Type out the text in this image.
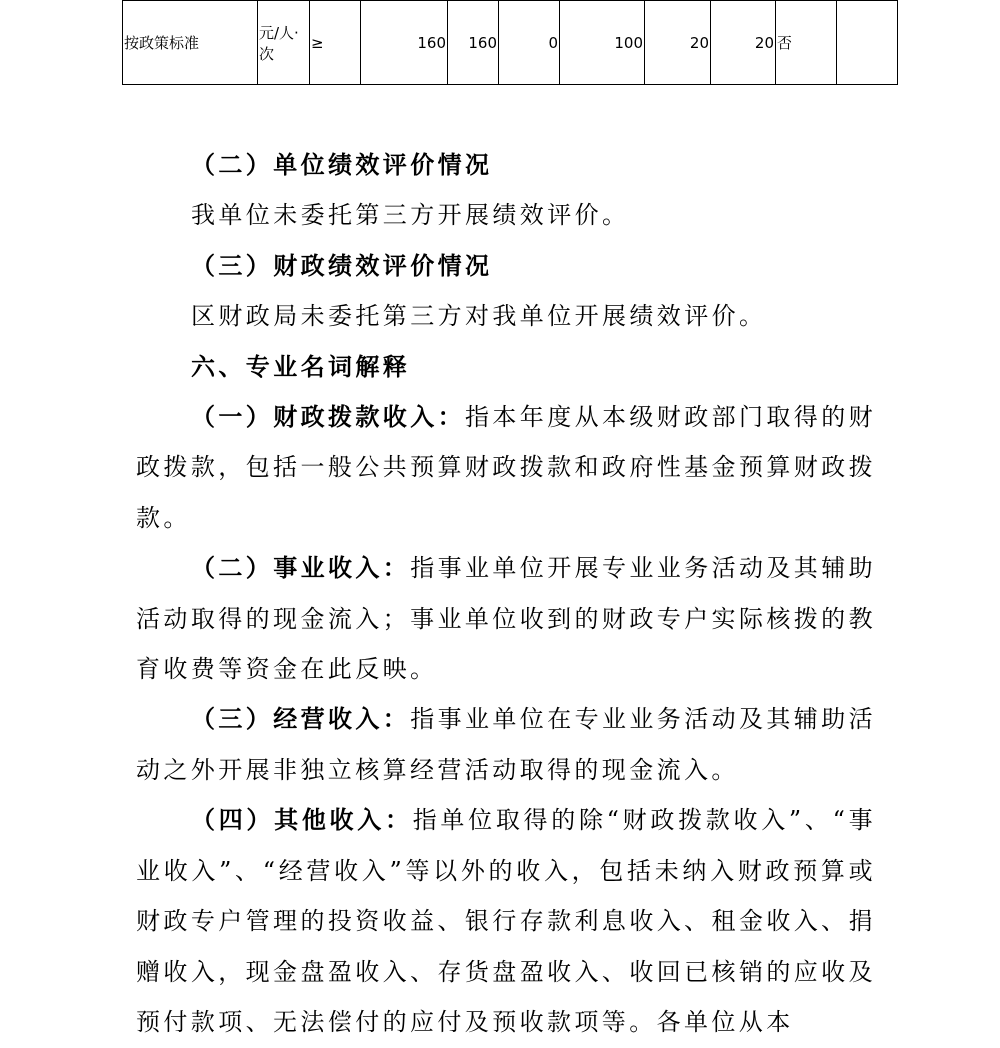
按政策标准	元/人·次	≥	160	160	0	100	20	20	否	

（二）单位绩效评价情况

我单位未委托第三方开展绩效评价。

（三）财政绩效评价情况

区财政局未委托第三方对我单位开展绩效评价。

六、专业名词解释

（一）财政拨款收入：指本年度从本级财政部门取得的财政拨款，包括一般公共预算财政拨款和政府性基金预算财政拨款。

（二）事业收入：指事业单位开展专业业务活动及其辅助活动取得的现金流入；事业单位收到的财政专户实际核拨的教育收费等资金在此反映。

（三）经营收入：指事业单位在专业业务活动及其辅助活动之外开展非独立核算经营活动取得的现金流入。

（四）其他收入：指单位取得的除“财政拨款收入”、“事业收入”、“经营收入”等以外的收入，包括未纳入财政预算或财政专户管理的投资收益、银行存款利息收入、租金收入、捐赠收入，现金盘盈收入、存货盘盈收入、收回已核销的应收及预付款项、无法偿付的应付及预收款项等。各单位从本
